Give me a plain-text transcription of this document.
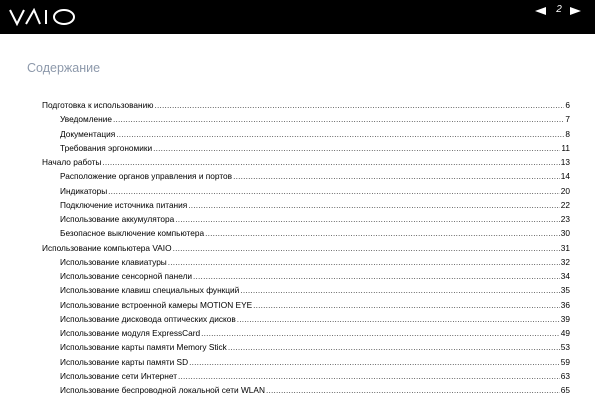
2
Содержание
Подготовка к использованию .....	6
Уведомление .....	7
Документация .....	8
Требования эргономики .....	11
Начало работы .....	13
Расположение органов управления и портов .....	14
Индикаторы .....	20
Подключение источника питания .....	22
Использование аккумулятора .....	23
Безопасное выключение компьютера .....	30
Использование компьютера VAIO .....	31
Использование клавиатуры .....	32
Использование сенсорной панели .....	34
Использование клавиш специальных функций .....	35
Использование встроенной камеры MOTION EYE .....	36
Использование дисковода оптических дисков .....	39
Использование модуля ExpressCard .....	49
Использование карты памяти Memory Stick .....	53
Использование карты памяти SD .....	59
Использование сети Интернет .....	63
Использование беспроводной локальной сети WLAN .....	65
